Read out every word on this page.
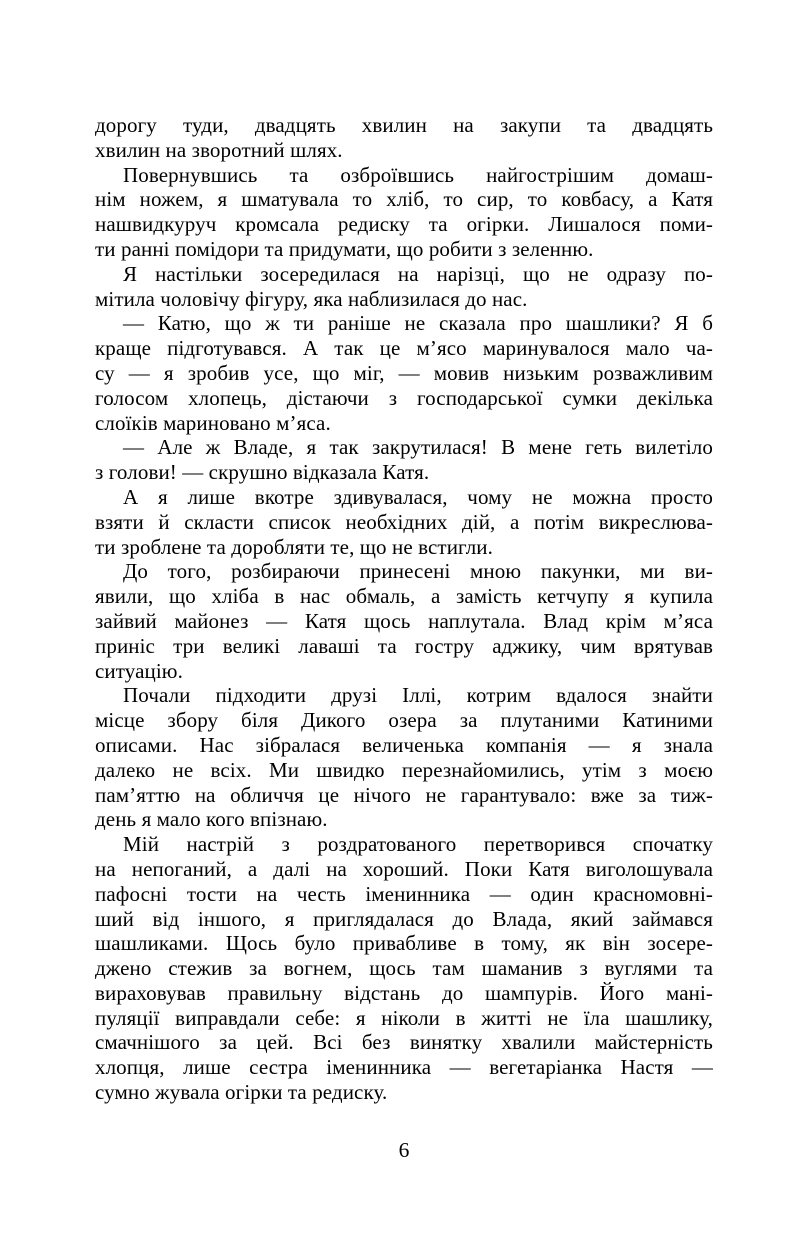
дорогу туди, двадцять хвилин на закупи та двадцять
хвилин на зворотний шлях.
Повернувшись та озброївшись найгострішим домаш-
нім ножем, я шматувала то хліб, то сир, то ковбасу, а Катя
нашвидкуруч кромсала редиску та огірки. Лишалося поми-
ти ранні помідори та придумати, що робити з зеленню.
Я настільки зосередилася на нарізці, що не одразу по-
мітила чоловічу фігуру, яка наблизилася до нас.
— Катю, що ж ти раніше не сказала про шашлики? Я б
краще підготувався. А так це м’ясо маринувалося мало ча-
су — я зробив усе, що міг, — мовив низьким розважливим
голосом хлопець, дістаючи з господарської сумки декілька
слоїків мариновано м’яса.
— Але ж Владе, я так закрутилася! В мене геть вилетіло
з голови! — скрушно відказала Катя.
А я лише вкотре здивувалася, чому не можна просто
взяти й скласти список необхідних дій, а потім викреслюва-
ти зроблене та доробляти те, що не встигли.
До того, розбираючи принесені мною пакунки, ми ви-
явили, що хліба в нас обмаль, а замість кетчупу я купила
зайвий майонез — Катя щось наплутала. Влад крім м’яса
приніс три великі лаваші та гостру аджику, чим врятував
ситуацію.
Почали підходити друзі Іллі, котрим вдалося знайти
місце збору біля Дикого озера за плутаними Катиними
описами. Нас зібралася величенька компанія — я знала
далеко не всіх. Ми швидко перезнайомились, утім з моєю
пам’яттю на обличчя це нічого не гарантувало: вже за тиж-
день я мало кого впізнаю.
Мій настрій з роздратованого перетворився спочатку
на непоганий, а далі на хороший. Поки Катя виголошувала
пафосні тости на честь іменинника — один красномовні-
ший від іншого, я приглядалася до Влада, який займався
шашликами. Щось було привабливе в тому, як він зосере-
джено стежив за вогнем, щось там шаманив з вуглями та
вираховував правильну відстань до шампурів. Його мані-
пуляції виправдали себе: я ніколи в житті не їла шашлику,
смачнішого за цей. Всі без винятку хвалили майстерність
хлопця, лише сестра іменинника — вегетаріанка Настя —
сумно жувала огірки та редиску.
6
